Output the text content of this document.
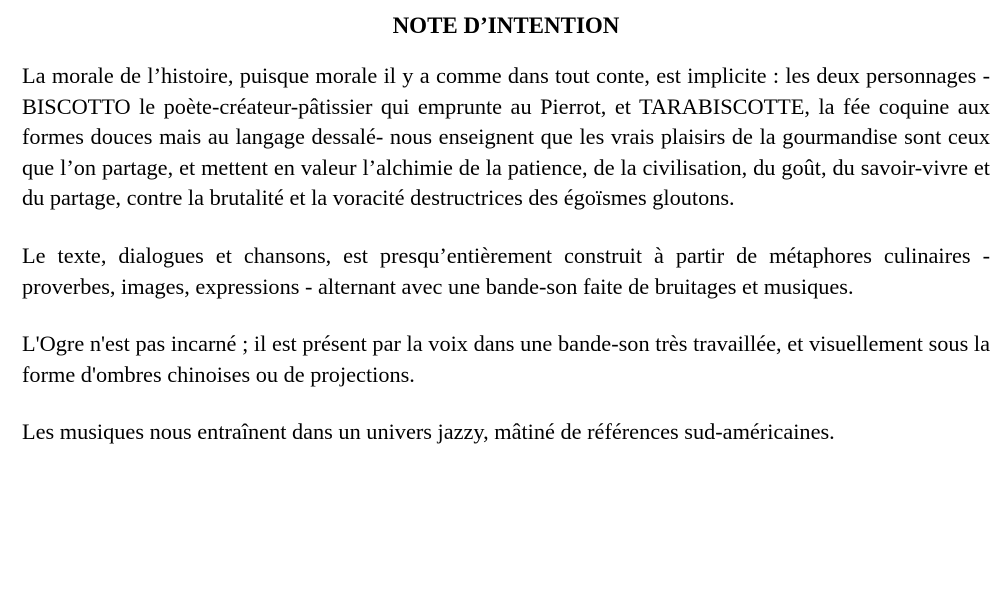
NOTE D’INTENTION

La morale de l’histoire, puisque morale il y a comme dans tout conte, est implicite : les deux personnages -BISCOTTO le poète-créateur-pâtissier qui emprunte au Pierrot, et TARABISCOTTE, la fée coquine aux formes douces mais au langage dessalé- nous enseignent que les vrais plaisirs de la gourmandise sont ceux que l’on partage, et mettent en valeur l’alchimie de la patience, de la civilisation, du goût, du savoir-vivre et du partage, contre la brutalité et la voracité destructrices des égoïsmes gloutons.

Le texte, dialogues et chansons, est presqu’entièrement construit à partir de métaphores culinaires - proverbes, images, expressions - alternant avec une bande-son faite de bruitages et musiques.

L'Ogre n'est pas incarné ; il est présent par la voix dans une bande-son très travaillée, et visuellement sous la forme d'ombres chinoises ou de projections.

Les musiques nous entraînent dans un univers jazzy, mâtiné de références sud-américaines.
